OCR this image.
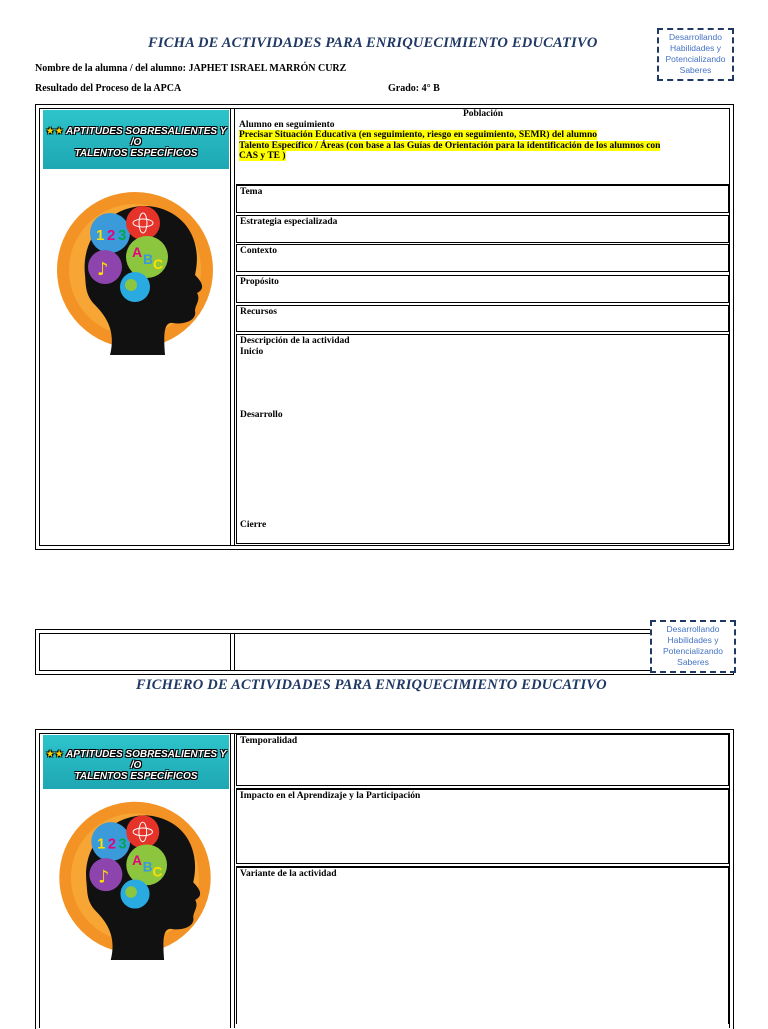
FICHA DE ACTIVIDADES PARA ENRIQUECIMIENTO EDUCATIVO	Desarrollando
Habilidades y
Potencializando
Saberes
Nombre de la alumna / del alumno: JAPHET ISRAEL MARRÓN CURZ
Resultado del Proceso de la APCA	Grado: 4° B
★★ APTITUDES SOBRESALIENTES Y /O
TALENTOS ESPECÍFICOS
1 2 3
♪
A B C
Población
Alumno en seguimiento
Precisar Situación Educativa (en seguimiento, riesgo en seguimiento, SEMR) del alumno
Talento Específico / Áreas (con base a las Guías de Orientación para la identificación de los alumnos con
CAS y TE )
Tema
Estrategia especializada
Contexto
Propósito
Recursos
Descripción de la actividad
Inicio
Desarrollo
Cierre
Desarrollando
Habilidades y
Potencializando
Saberes
FICHERO DE ACTIVIDADES PARA ENRIQUECIMIENTO EDUCATIVO
★★ APTITUDES SOBRESALIENTES Y /O
TALENTOS ESPECÍFICOS
1 2 3
♪
A B C
Temporalidad
Impacto en el Aprendizaje y la Participación
Variante de la actividad
